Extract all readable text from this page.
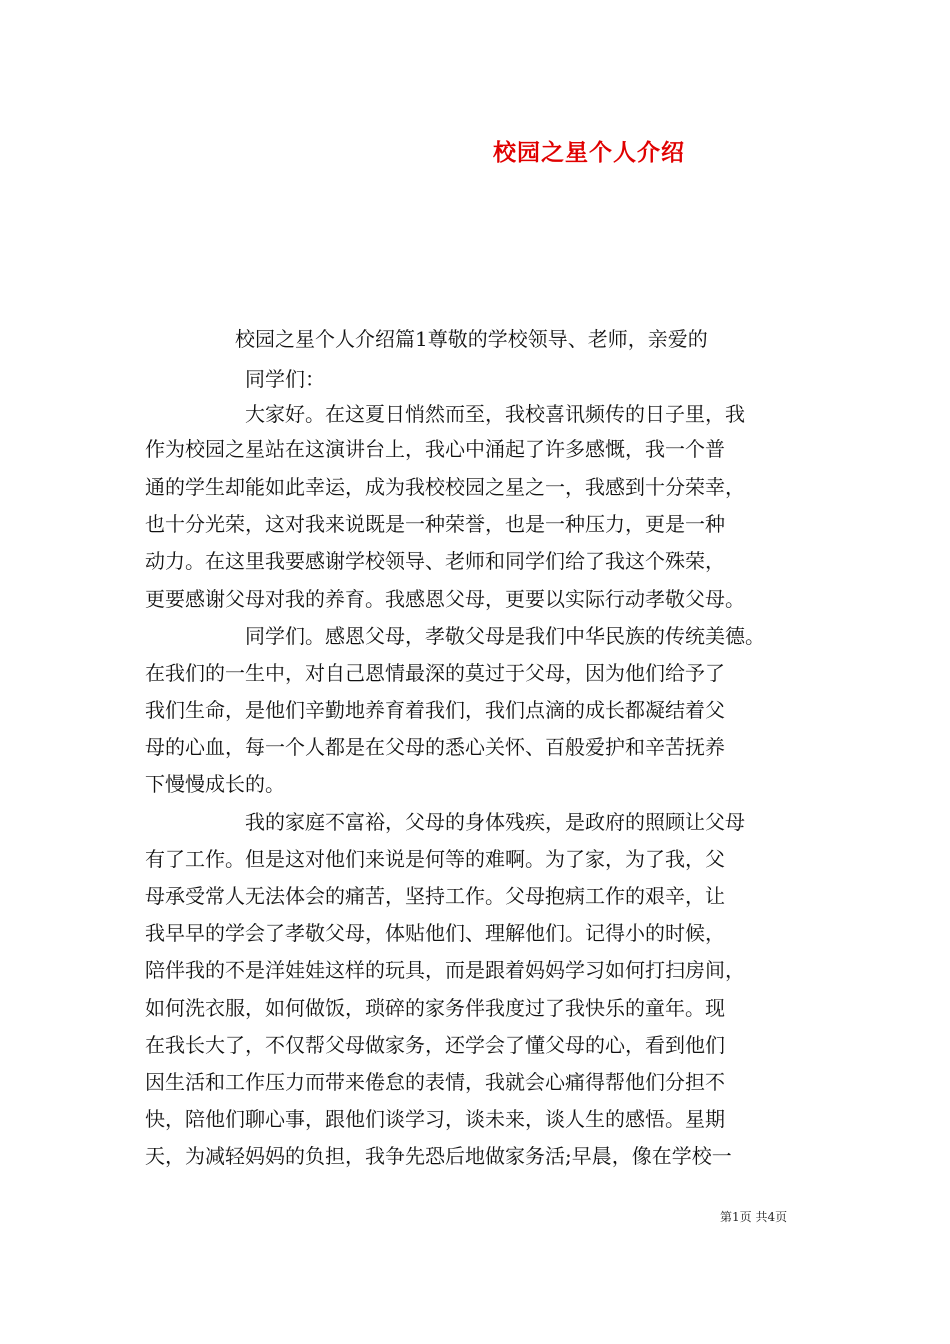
校园之星个人介绍
校园之星个人介绍篇1尊敬的学校领导、老师，亲爱的
同学们：
大家好。在这夏日悄然而至，我校喜讯频传的日子里，我
作为校园之星站在这演讲台上，我心中涌起了许多感慨，我一个普
通的学生却能如此幸运，成为我校校园之星之一，我感到十分荣幸，
也十分光荣，这对我来说既是一种荣誉，也是一种压力，更是一种
动力。在这里我要感谢学校领导、老师和同学们给了我这个殊荣，
更要感谢父母对我的养育。我感恩父母，更要以实际行动孝敬父母。
同学们。感恩父母，孝敬父母是我们中华民族的传统美德。
在我们的一生中，对自己恩情最深的莫过于父母，因为他们给予了
我们生命，是他们辛勤地养育着我们，我们点滴的成长都凝结着父
母的心血，每一个人都是在父母的悉心关怀、百般爱护和辛苦抚养
下慢慢成长的。
我的家庭不富裕，父母的身体残疾，是政府的照顾让父母
有了工作。但是这对他们来说是何等的难啊。为了家，为了我，父
母承受常人无法体会的痛苦，坚持工作。父母抱病工作的艰辛，让
我早早的学会了孝敬父母，体贴他们、理解他们。记得小的时候，
陪伴我的不是洋娃娃这样的玩具，而是跟着妈妈学习如何打扫房间，
如何洗衣服，如何做饭，琐碎的家务伴我度过了我快乐的童年。现
在我长大了，不仅帮父母做家务，还学会了懂父母的心，看到他们
因生活和工作压力而带来倦怠的表情，我就会心痛得帮他们分担不
快，陪他们聊心事，跟他们谈学习，谈未来，谈人生的感悟。星期
天，为减轻妈妈的负担，我争先恐后地做家务活;早晨，像在学校一
第1页 共4页
